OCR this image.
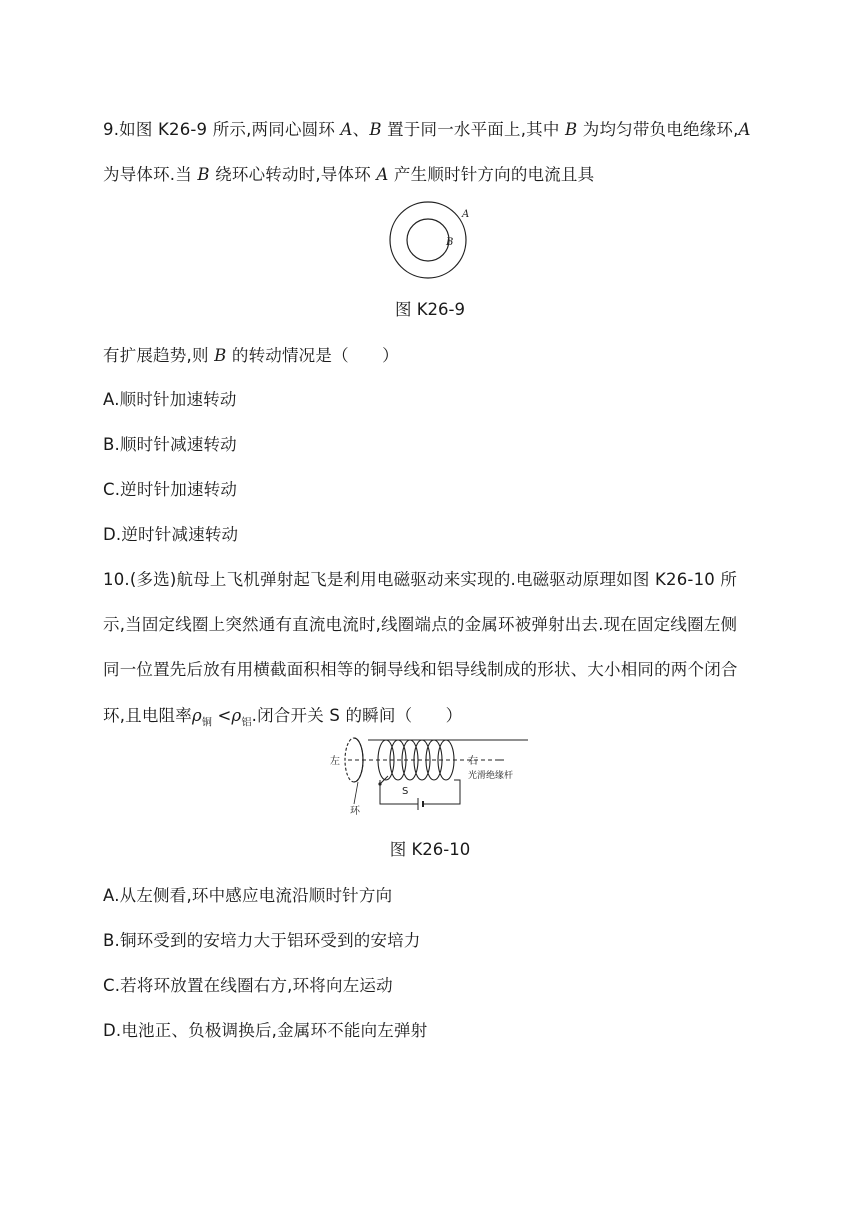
9.如图 K26-9 所示,两同心圆环 A、B 置于同一水平面上,其中 B 为均匀带负电绝缘环,A
为导体环.当 B 绕环心转动时,导体环 A 产生顺时针方向的电流且具
A
B
图 K26-9
有扩展趋势,则 B 的转动情况是（　　）
A.顺时针加速转动
B.顺时针减速转动
C.逆时针加速转动
D.逆时针减速转动
10.(多选)航母上飞机弹射起飞是利用电磁驱动来实现的.电磁驱动原理如图 K26-10 所
示,当固定线圈上突然通有直流电流时,线圈端点的金属环被弹射出去.现在固定线圈左侧
同一位置先后放有用横截面积相等的铜导线和铝导线制成的形状、大小相同的两个闭合
环,且电阻率$\rho_铜 <\rho_铝$.闭合开关 S 的瞬间（　　）
左	右
光滑绝缘杆
环
S
图 K26-10
A.从左侧看,环中感应电流沿顺时针方向
B.铜环受到的安培力大于铝环受到的安培力
C.若将环放置在线圈右方,环将向左运动
D.电池正、负极调换后,金属环不能向左弹射
